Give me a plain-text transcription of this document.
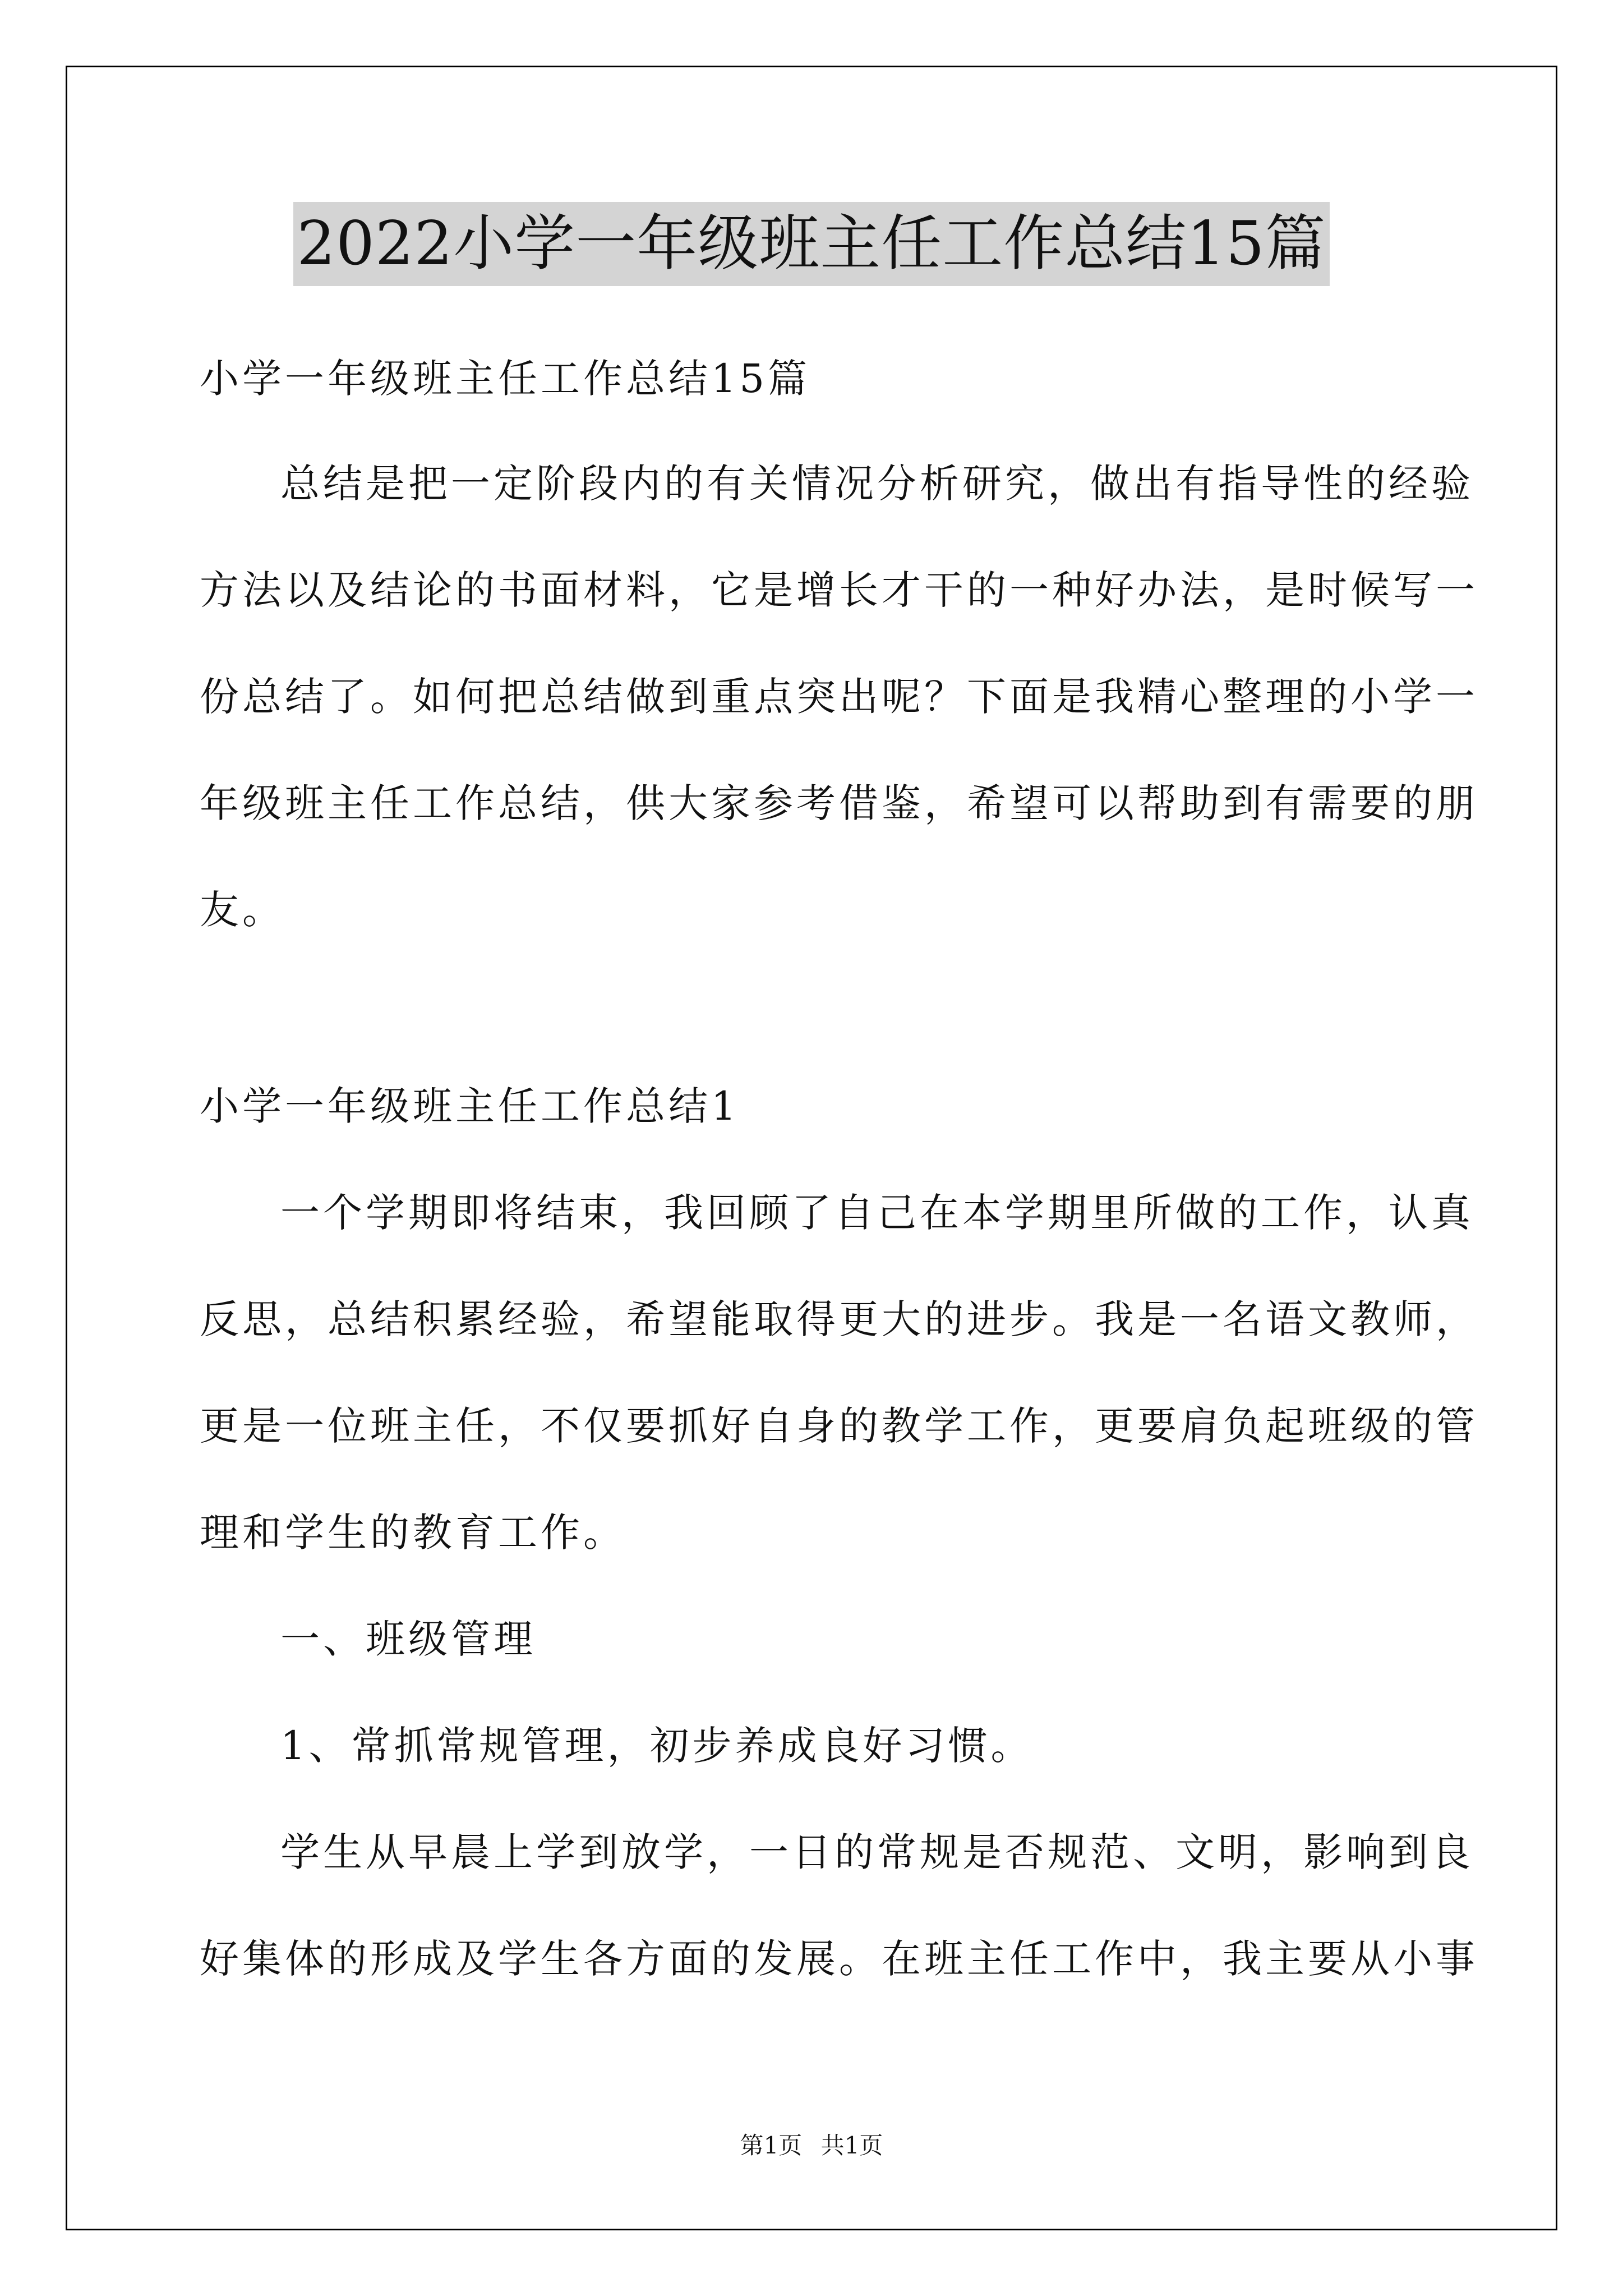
2022小学一年级班主任工作总结15篇
小学一年级班主任工作总结15篇
总结是把一定阶段内的有关情况分析研究，做出有指导性的经验
方法以及结论的书面材料，它是增长才干的一种好办法，是时候写一
份总结了。如何把总结做到重点突出呢？下面是我精心整理的小学一
年级班主任工作总结，供大家参考借鉴，希望可以帮助到有需要的朋
友。
小学一年级班主任工作总结1
一个学期即将结束，我回顾了自己在本学期里所做的工作，认真
反思，总结积累经验，希望能取得更大的进步。我是一名语文教师，
更是一位班主任，不仅要抓好自身的教学工作，更要肩负起班级的管
理和学生的教育工作。
一、班级管理
1、常抓常规管理，初步养成良好习惯。
学生从早晨上学到放学，一日的常规是否规范、文明，影响到良
好集体的形成及学生各方面的发展。在班主任工作中，我主要从小事
第1页 共1页
